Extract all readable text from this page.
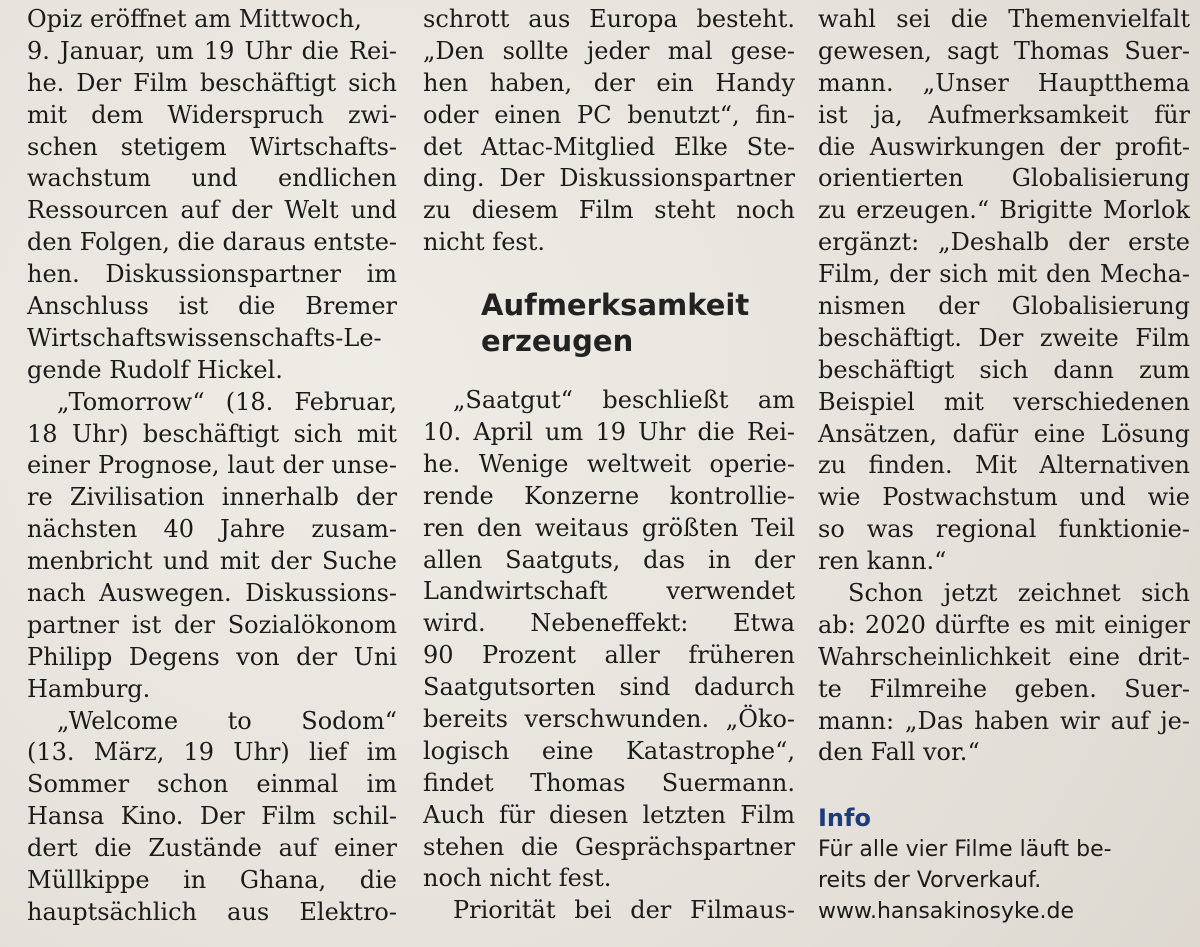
Opiz eröffnet am Mittwoch,
9. Januar, um 19 Uhr die Rei-
he. Der Film beschäftigt sich
mit dem Widerspruch zwi-
schen stetigem Wirtschafts-
wachstum und endlichen
Ressourcen auf der Welt und
den Folgen, die daraus entste-
hen. Diskussionspartner im
Anschluss ist die Bremer
Wirtschaftswissenschafts-Le-
gende Rudolf Hickel.
„Tomorrow“ (18. Februar,
18 Uhr) beschäftigt sich mit
einer Prognose, laut der unse-
re Zivilisation innerhalb der
nächsten 40 Jahre zusam-
menbricht und mit der Suche
nach Auswegen. Diskussions-
partner ist der Sozialökonom
Philipp Degens von der Uni
Hamburg.
„Welcome to Sodom“
(13. März, 19 Uhr) lief im
Sommer schon einmal im
Hansa Kino. Der Film schil-
dert die Zustände auf einer
Müllkippe in Ghana, die
hauptsächlich aus Elektro-
schrott aus Europa besteht.
„Den sollte jeder mal gese-
hen haben, der ein Handy
oder einen PC benutzt“, fin-
det Attac-Mitglied Elke Ste-
ding. Der Diskussionspartner
zu diesem Film steht noch
nicht fest.
Aufmerksamkeit
erzeugen
„Saatgut“ beschließt am
10. April um 19 Uhr die Rei-
he. Wenige weltweit operie-
rende Konzerne kontrollie-
ren den weitaus größten Teil
allen Saatguts, das in der
Landwirtschaft verwendet
wird. Nebeneffekt: Etwa
90 Prozent aller früheren
Saatgutsorten sind dadurch
bereits verschwunden. „Öko-
logisch eine Katastrophe“,
findet Thomas Suermann.
Auch für diesen letzten Film
stehen die Gesprächspartner
noch nicht fest.
Priorität bei der Filmaus-
wahl sei die Themenvielfalt
gewesen, sagt Thomas Suer-
mann. „Unser Hauptthema
ist ja, Aufmerksamkeit für
die Auswirkungen der profit-
orientierten Globalisierung
zu erzeugen.“ Brigitte Morlok
ergänzt: „Deshalb der erste
Film, der sich mit den Mecha-
nismen der Globalisierung
beschäftigt. Der zweite Film
beschäftigt sich dann zum
Beispiel mit verschiedenen
Ansätzen, dafür eine Lösung
zu finden. Mit Alternativen
wie Postwachstum und wie
so was regional funktionie-
ren kann.“
Schon jetzt zeichnet sich
ab: 2020 dürfte es mit einiger
Wahrscheinlichkeit eine drit-
te Filmreihe geben. Suer-
mann: „Das haben wir auf je-
den Fall vor.“
Info
Für alle vier Filme läuft be-
reits der Vorverkauf.
www.hansakinosyke.de
